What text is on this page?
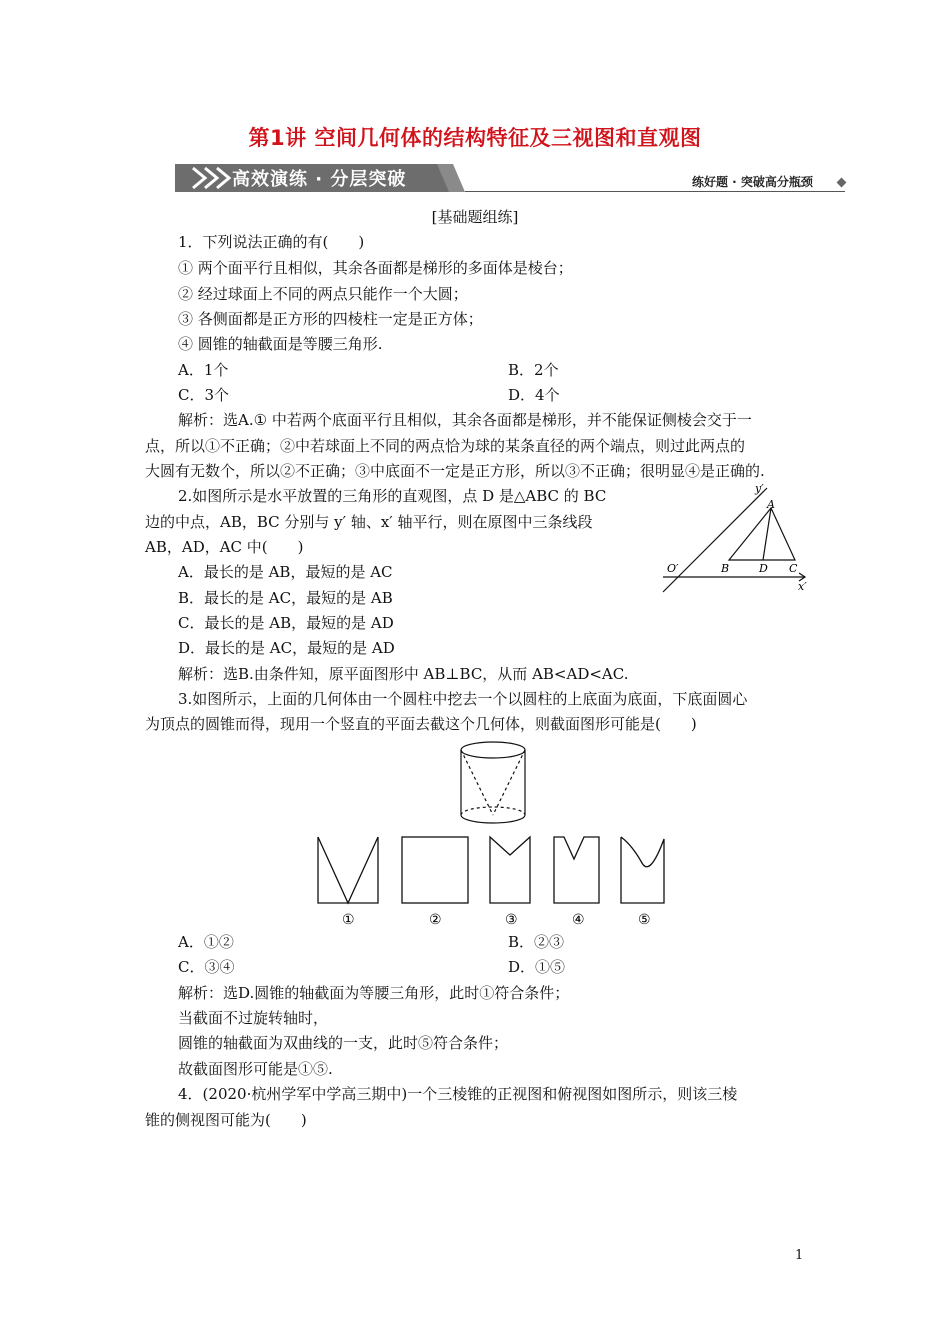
第1讲 空间几何体的结构特征及三视图和直观图
高效演练 · 分层突破	练好题 · 突破高分瓶颈
[基础题组练]
1．下列说法正确的有(　　)
① 两个面平行且相似，其余各面都是梯形的多面体是棱台；
② 经过球面上不同的两点只能作一个大圆；
③ 各侧面都是正方形的四棱柱一定是正方体；
④ 圆锥的轴截面是等腰三角形.
A．1个	B．2个
C．3个	D．4个
解析：选A.① 中若两个底面平行且相似，其余各面都是梯形，并不能保证侧棱会交于一
点，所以①不正确；②中若球面上不同的两点恰为球的某条直径的两个端点，则过此两点的
大圆有无数个，所以②不正确；③中底面不一定是正方形，所以③不正确；很明显④是正确的.
2.如图所示是水平放置的三角形的直观图，点 D 是△ABC 的 BC
边的中点，AB，BC 分别与 y′ 轴、x′ 轴平行，则在原图中三条线段
AB，AD，AC 中(　　)
A．最长的是 AB，最短的是 AC
B．最长的是 AC，最短的是 AB
C．最长的是 AB，最短的是 AD
D．最长的是 AC，最短的是 AD
解析：选B.由条件知，原平面图形中 AB⊥BC，从而 AB<AD<AC.
y′
x′
O′
A
B	D C
3.如图所示，上面的几何体由一个圆柱中挖去一个以圆柱的上底面为底面，下底面圆心
为顶点的圆锥而得，现用一个竖直的平面去截这个几何体，则截面图形可能是(　　)
①	②	③	④	⑤
A．①②	B．②③
C．③④	D．①⑤
解析：选D.圆锥的轴截面为等腰三角形，此时①符合条件；
当截面不过旋转轴时，
圆锥的轴截面为双曲线的一支，此时⑤符合条件；
故截面图形可能是①⑤.
4．(2020·杭州学军中学高三期中)一个三棱锥的正视图和俯视图如图所示，则该三棱
锥的侧视图可能为(　　)
1
